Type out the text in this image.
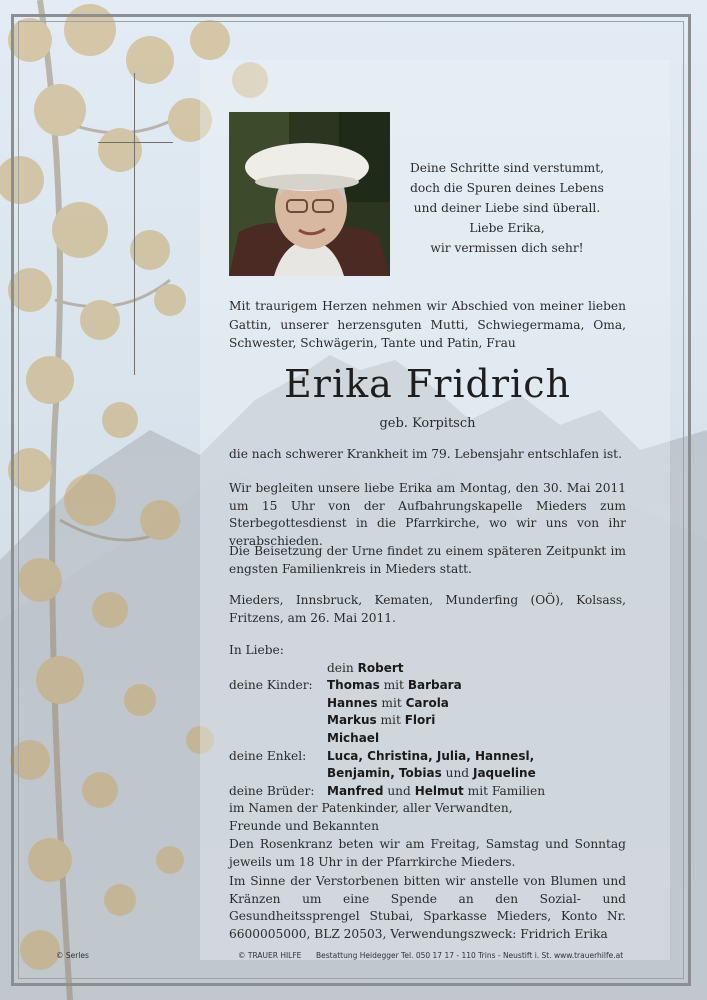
Deine Schritte sind verstummt,
doch die Spuren deines Lebens
und deiner Liebe sind überall.
Liebe Erika,
wir vermissen dich sehr!
Mit traurigem Herzen nehmen wir Abschied von meiner lieben Gattin, unserer herzensguten Mutti, Schwiegermama, Oma, Schwester, Schwägerin, Tante und Patin, Frau
Erika Fridrich
geb. Korpitsch
die nach schwerer Krankheit im 79. Lebensjahr entschlafen ist.
Wir begleiten unsere liebe Erika am Montag, den 30. Mai 2011 um 15 Uhr von der Aufbahrungskapelle Mieders zum Sterbegottesdienst in die Pfarrkirche, wo wir uns von ihr verabschieden.
Die Beisetzung der Urne findet zu einem späteren Zeitpunkt im engsten Familienkreis in Mieders statt.
Mieders, Innsbruck, Kematen, Munderfing (OÖ), Kolsass, Fritzens, am 26. Mai 2011.
In Liebe:
dein Robert
deine Kinder: Thomas mit Barbara
Hannes mit Carola
Markus mit Flori
Michael
deine Enkel: Luca, Christina, Julia, Hannesl,
Benjamin, Tobias und Jaqueline
deine Brüder: Manfred und Helmut mit Familien
im Namen der Patenkinder, aller Verwandten,
Freunde und Bekannten
Den Rosenkranz beten wir am Freitag, Samstag und Sonntag jeweils um 18 Uhr in der Pfarrkirche Mieders.
Im Sinne der Verstorbenen bitten wir anstelle von Blumen und Kränzen um eine Spende an den Sozial- und Gesundheitssprengel Stubai, Sparkasse Mieders, Konto Nr. 6600005000, BLZ 20503, Verwendungszweck: Fridrich Erika
© Serles	© TRAUER HILFE Bestattung Heidegger Tel. 050 17 17 - 110 Trins - Neustift i. St. www.trauerhilfe.at
